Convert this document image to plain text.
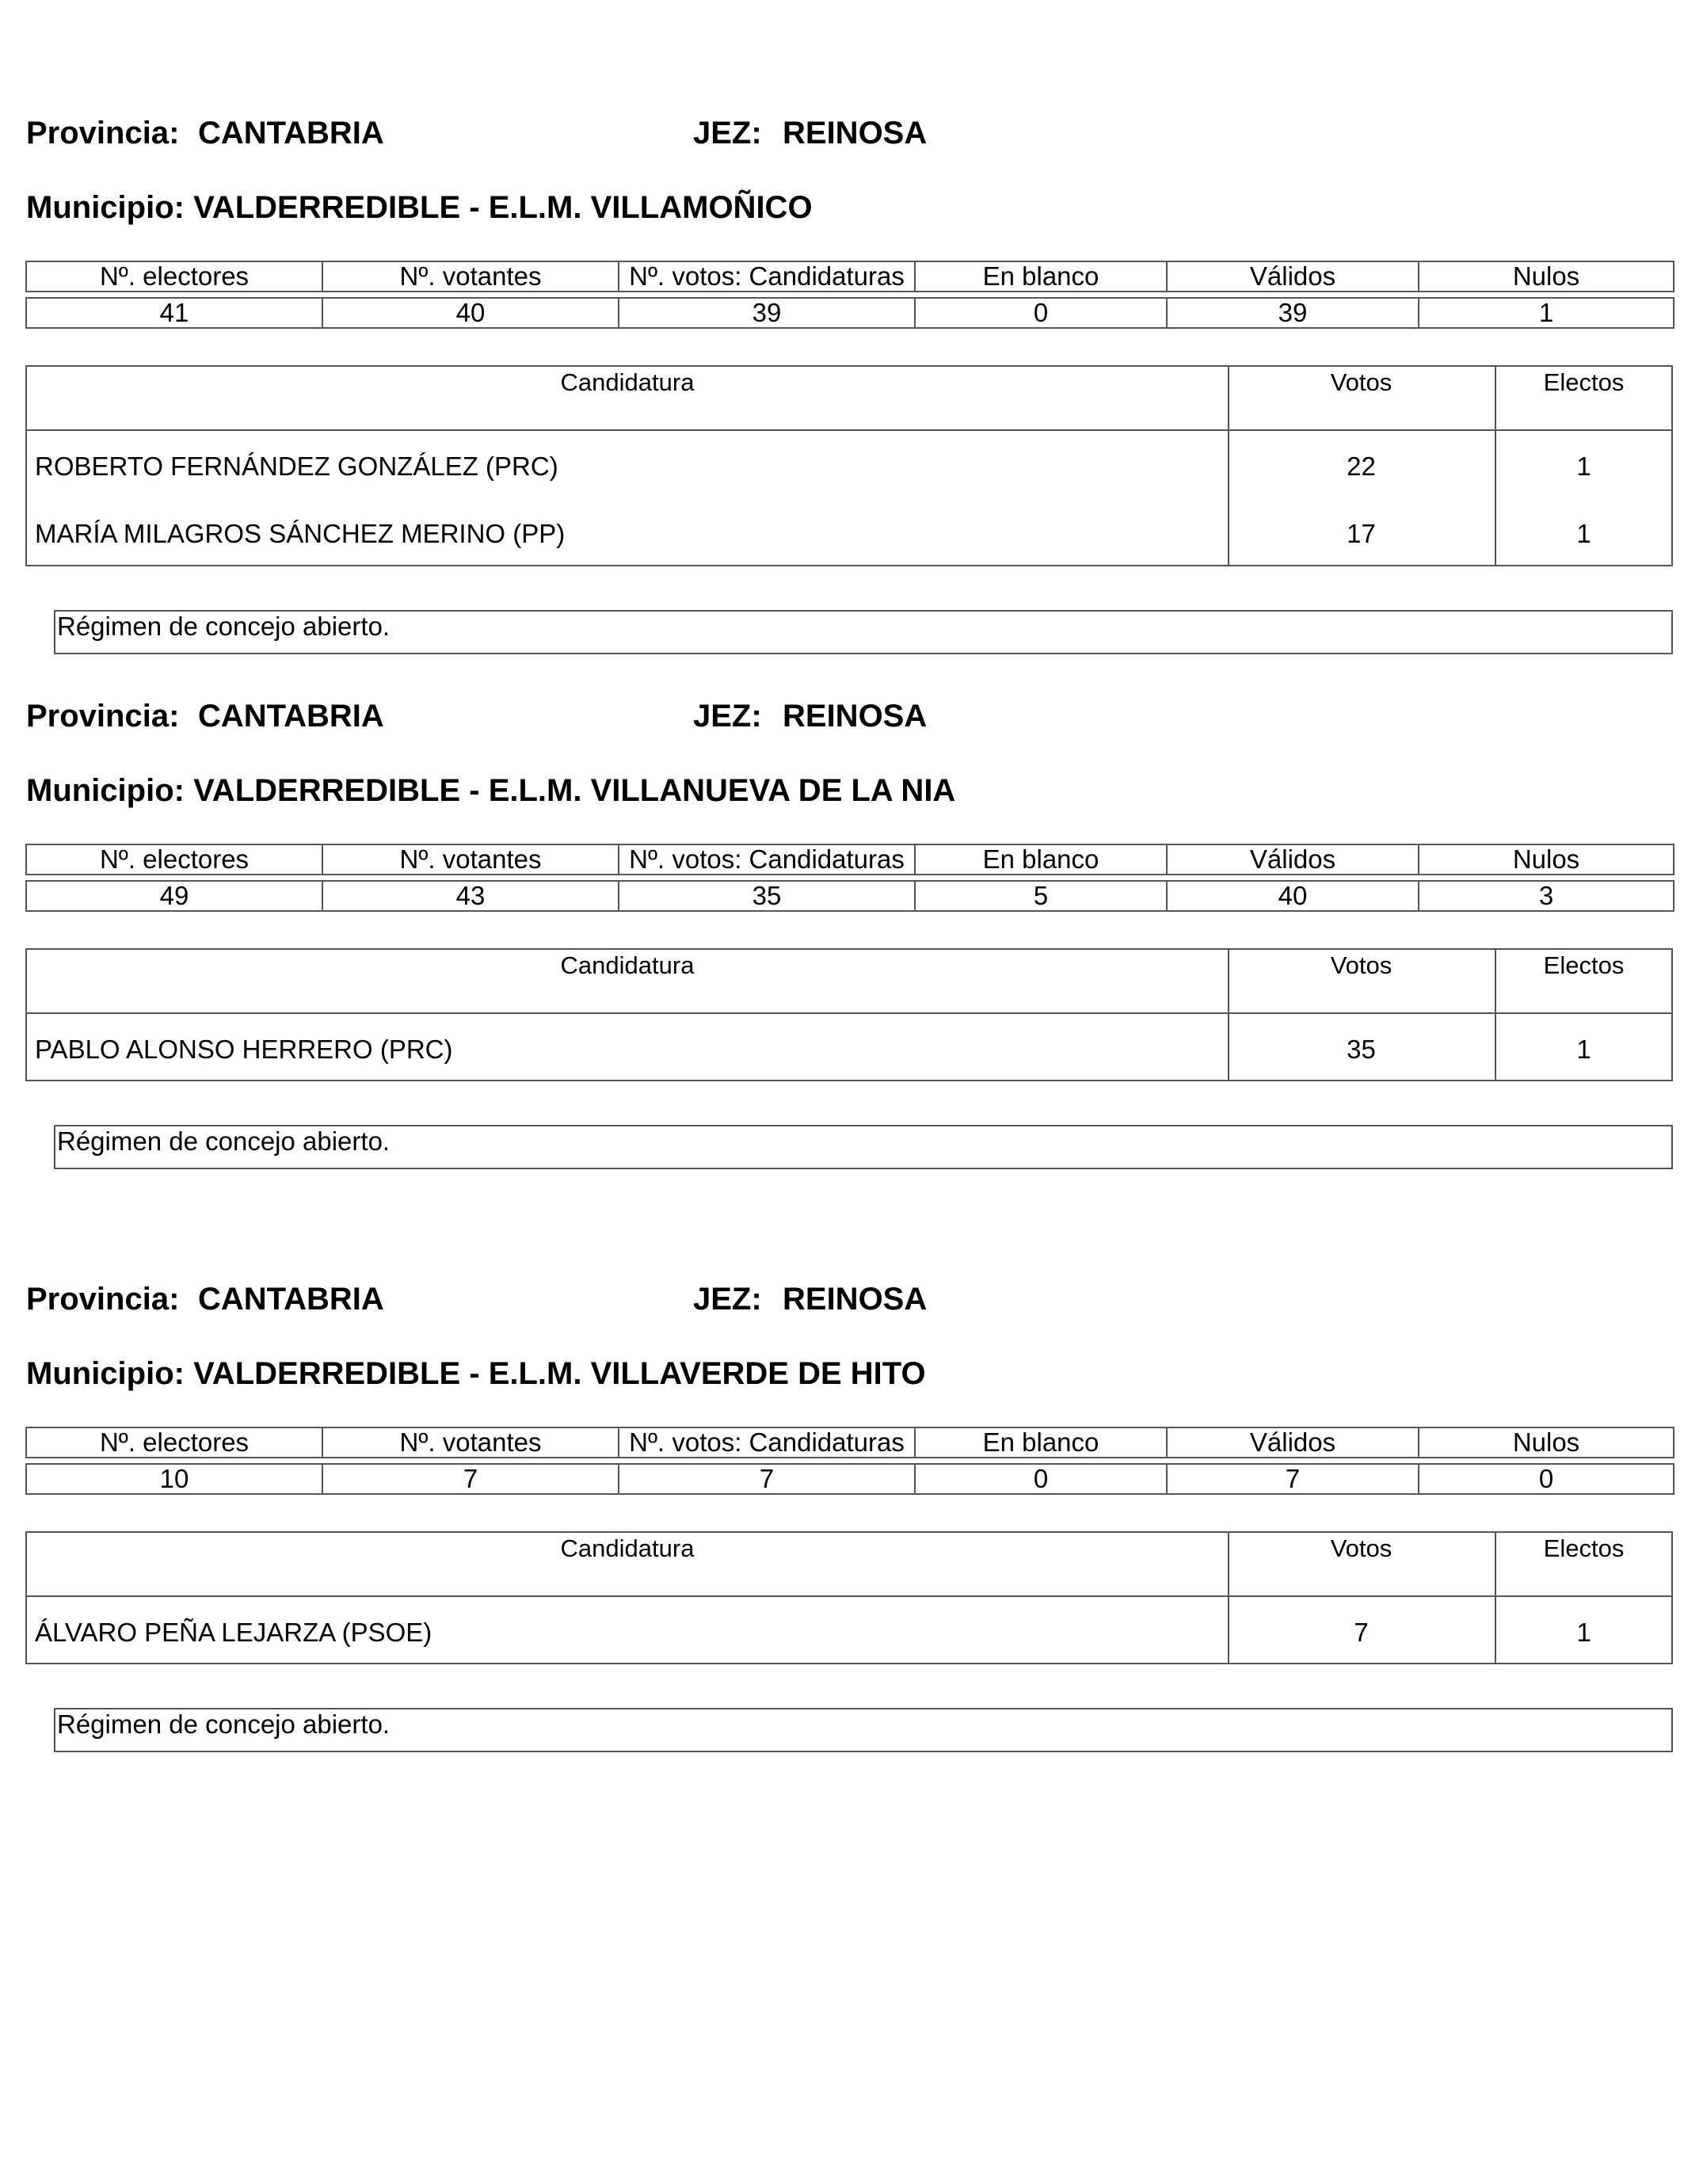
Provincia: CANTABRIA	JEZ: REINOSA
Municipio: VALDERREDIBLE - E.L.M. VILLAMOÑICO
Nº. electores	Nº. votantes	Nº. votos: Candidaturas	En blanco	Válidos	Nulos

41	40	39	0	39	1
Candidatura	Votos	Electos
ROBERTO FERNÁNDEZ GONZÁLEZ (PRC)	22	1
MARÍA MILAGROS SÁNCHEZ MERINO (PP)	17	1
Régimen de concejo abierto.
Provincia: CANTABRIA	JEZ: REINOSA
Municipio: VALDERREDIBLE - E.L.M. VILLANUEVA DE LA NIA
Nº. electores	Nº. votantes	Nº. votos: Candidaturas	En blanco	Válidos	Nulos

49	43	35	5	40	3
Candidatura	Votos	Electos
PABLO ALONSO HERRERO (PRC)	35	1
Régimen de concejo abierto.
Provincia: CANTABRIA	JEZ: REINOSA
Municipio: VALDERREDIBLE - E.L.M. VILLAVERDE DE HITO
Nº. electores	Nº. votantes	Nº. votos: Candidaturas	En blanco	Válidos	Nulos

10	7	7	0	7	0
Candidatura	Votos	Electos
ÁLVARO PEÑA LEJARZA (PSOE)	7	1
Régimen de concejo abierto.
